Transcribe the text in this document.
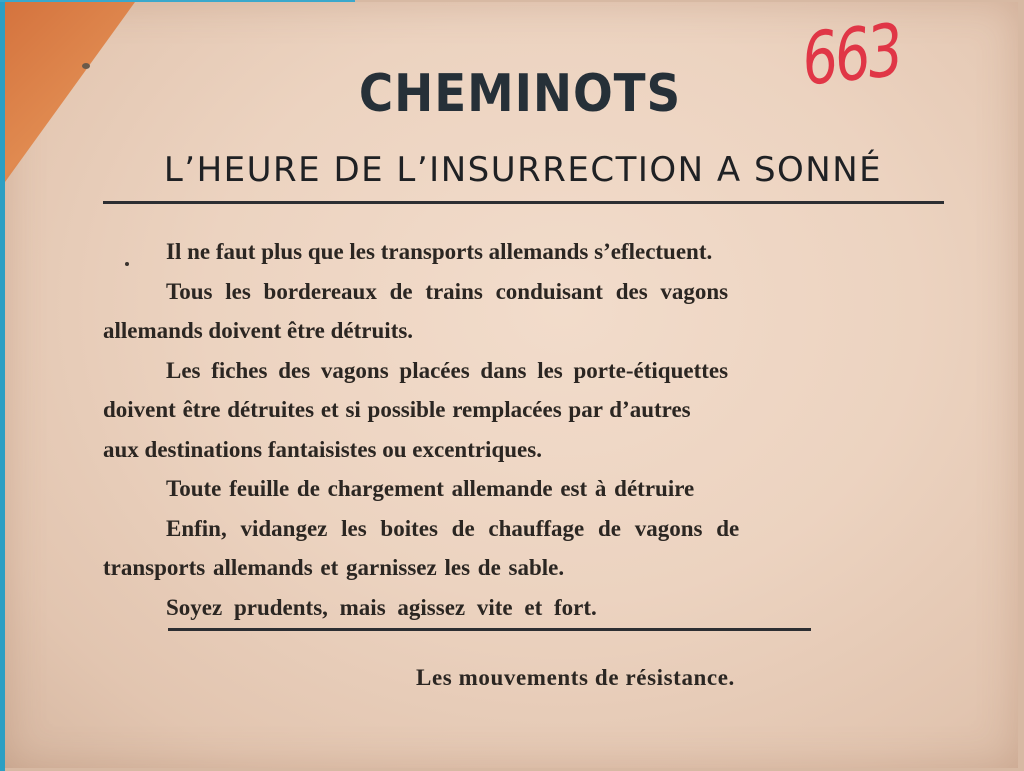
663
CHEMINOTS
L’HEURE DE L’INSURRECTION A SONNÉ
Il ne faut plus que les transports allemands s’eflectuent.
Tous les bordereaux de trains conduisant des vagons
allemands doivent être détruits.
Les fiches des vagons placées dans les porte-étiquettes
doivent être détruites et si possible remplacées par d’autres
aux destinations fantaisistes ou excentriques.
Toute feuille de chargement allemande est à détruire
Enfin, vidangez les boites de chauffage de vagons de
transports allemands et garnissez les de sable.
Soyez prudents, mais agissez vite et fort.
Les mouvements de résistance.
